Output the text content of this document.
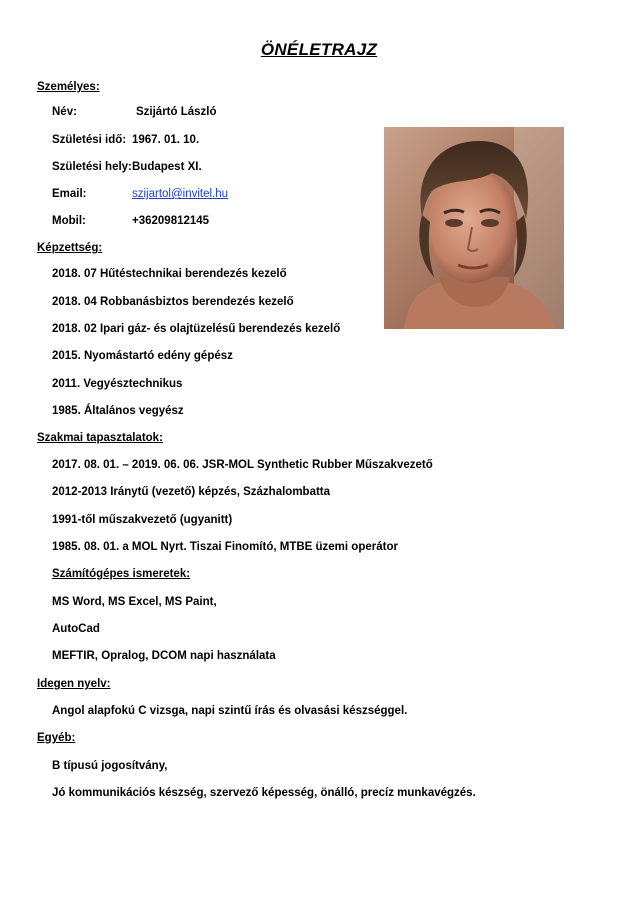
ÖNÉLETRAJZ
Személyes:
Név:	Szijártó László
Születési idő: 1967. 01. 10.
Születési hely: Budapest XI.
Email:	szijartol@invitel.hu
Mobil:	+36209812145
Képzettség:
2018. 07 Hűtéstechnikai berendezés kezelő
2018. 04 Robbanásbiztos berendezés kezelő
2018. 02 Ipari gáz- és olajtüzelésű berendezés kezelő
2015. Nyomástartó edény gépész
2011. Vegyésztechnikus
1985. Általános vegyész
Szakmai tapasztalatok:
2017. 08. 01. – 2019. 06. 06. JSR-MOL Synthetic Rubber Műszakvezető
2012-2013 Iránytű (vezető) képzés, Százhalombatta
1991-től műszakvezető (ugyanitt)
1985. 08. 01. a MOL Nyrt. Tiszai Finomító, MTBE üzemi operátor
Számítógépes ismeretek:
MS Word, MS Excel, MS Paint,
AutoCad
MEFTIR, Opralog, DCOM napi használata
Idegen nyelv:
Angol alapfokú C vizsga, napi szintű írás és olvasási készséggel.
Egyéb:
B típusú jogosítvány,
Jó kommunikációs készség, szervező képesség, önálló, precíz munkavégzés.
